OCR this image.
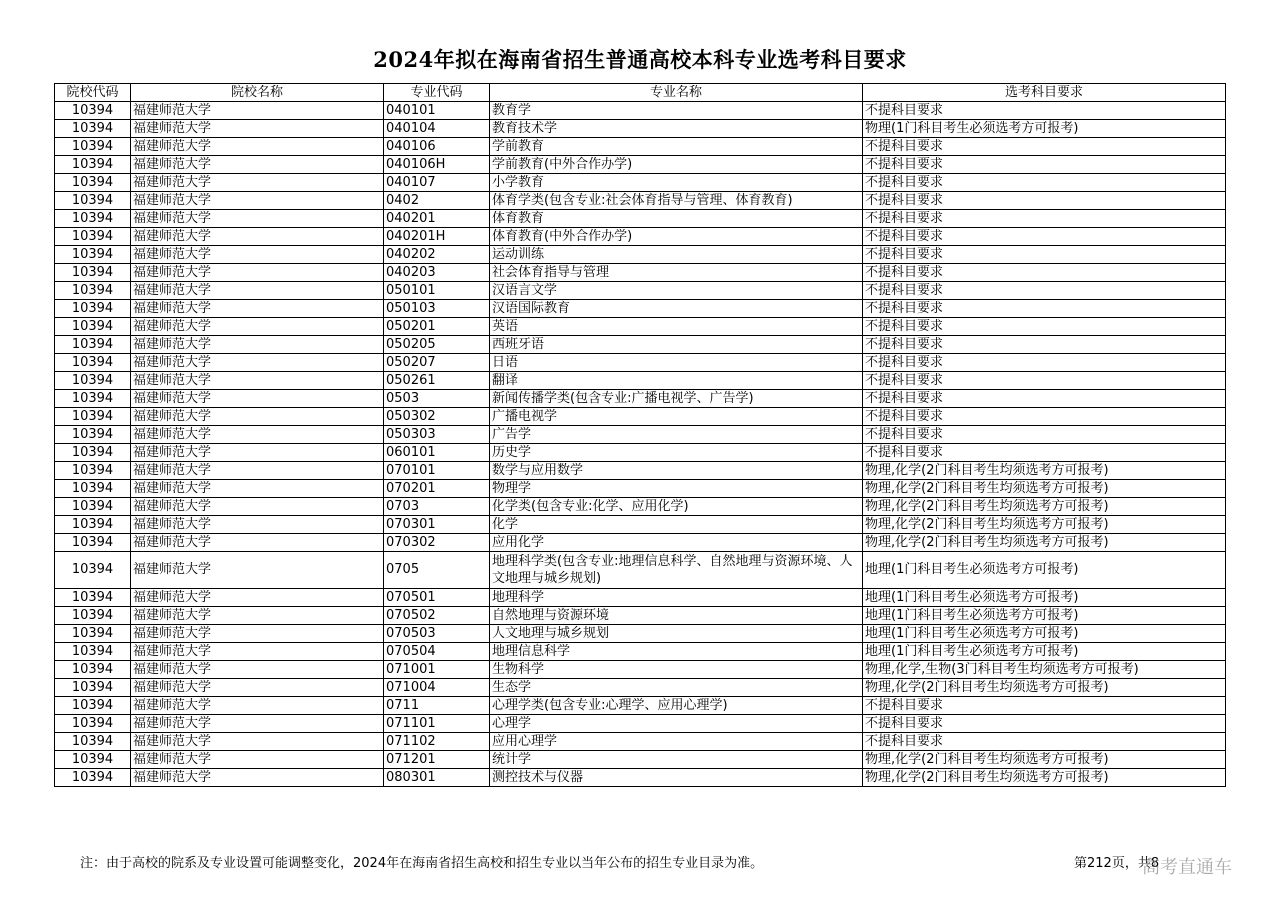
2024年拟在海南省招生普通高校本科专业选考科目要求
院校代码	院校名称	专业代码	专业名称	选考科目要求
10394	福建师范大学	040101	教育学	不提科目要求
10394	福建师范大学	040104	教育技术学	物理(1门科目考生必须选考方可报考)
10394	福建师范大学	040106	学前教育	不提科目要求
10394	福建师范大学	040106H	学前教育(中外合作办学)	不提科目要求
10394	福建师范大学	040107	小学教育	不提科目要求
10394	福建师范大学	0402	体育学类(包含专业:社会体育指导与管理、体育教育)	不提科目要求
10394	福建师范大学	040201	体育教育	不提科目要求
10394	福建师范大学	040201H	体育教育(中外合作办学)	不提科目要求
10394	福建师范大学	040202	运动训练	不提科目要求
10394	福建师范大学	040203	社会体育指导与管理	不提科目要求
10394	福建师范大学	050101	汉语言文学	不提科目要求
10394	福建师范大学	050103	汉语国际教育	不提科目要求
10394	福建师范大学	050201	英语	不提科目要求
10394	福建师范大学	050205	西班牙语	不提科目要求
10394	福建师范大学	050207	日语	不提科目要求
10394	福建师范大学	050261	翻译	不提科目要求
10394	福建师范大学	0503	新闻传播学类(包含专业:广播电视学、广告学)	不提科目要求
10394	福建师范大学	050302	广播电视学	不提科目要求
10394	福建师范大学	050303	广告学	不提科目要求
10394	福建师范大学	060101	历史学	不提科目要求
10394	福建师范大学	070101	数学与应用数学	物理,化学(2门科目考生均须选考方可报考)
10394	福建师范大学	070201	物理学	物理,化学(2门科目考生均须选考方可报考)
10394	福建师范大学	0703	化学类(包含专业:化学、应用化学)	物理,化学(2门科目考生均须选考方可报考)
10394	福建师范大学	070301	化学	物理,化学(2门科目考生均须选考方可报考)
10394	福建师范大学	070302	应用化学	物理,化学(2门科目考生均须选考方可报考)
10394	福建师范大学	0705	地理科学类(包含专业:地理信息科学、自然地理与资源环境、人文地理与城乡规划)	地理(1门科目考生必须选考方可报考)
10394	福建师范大学	070501	地理科学	地理(1门科目考生必须选考方可报考)
10394	福建师范大学	070502	自然地理与资源环境	地理(1门科目考生必须选考方可报考)
10394	福建师范大学	070503	人文地理与城乡规划	地理(1门科目考生必须选考方可报考)
10394	福建师范大学	070504	地理信息科学	地理(1门科目考生必须选考方可报考)
10394	福建师范大学	071001	生物科学	物理,化学,生物(3门科目考生均须选考方可报考)
10394	福建师范大学	071004	生态学	物理,化学(2门科目考生均须选考方可报考)
10394	福建师范大学	0711	心理学类(包含专业:心理学、应用心理学)	不提科目要求
10394	福建师范大学	071101	心理学	不提科目要求
10394	福建师范大学	071102	应用心理学	不提科目要求
10394	福建师范大学	071201	统计学	物理,化学(2门科目考生均须选考方可报考)
10394	福建师范大学	080301	测控技术与仪器	物理,化学(2门科目考生均须选考方可报考)
注：由于高校的院系及专业设置可能调整变化，2024年在海南省招生高校和招生专业以当年公布的招生专业目录为准。	第212页，共8
高考直通车
